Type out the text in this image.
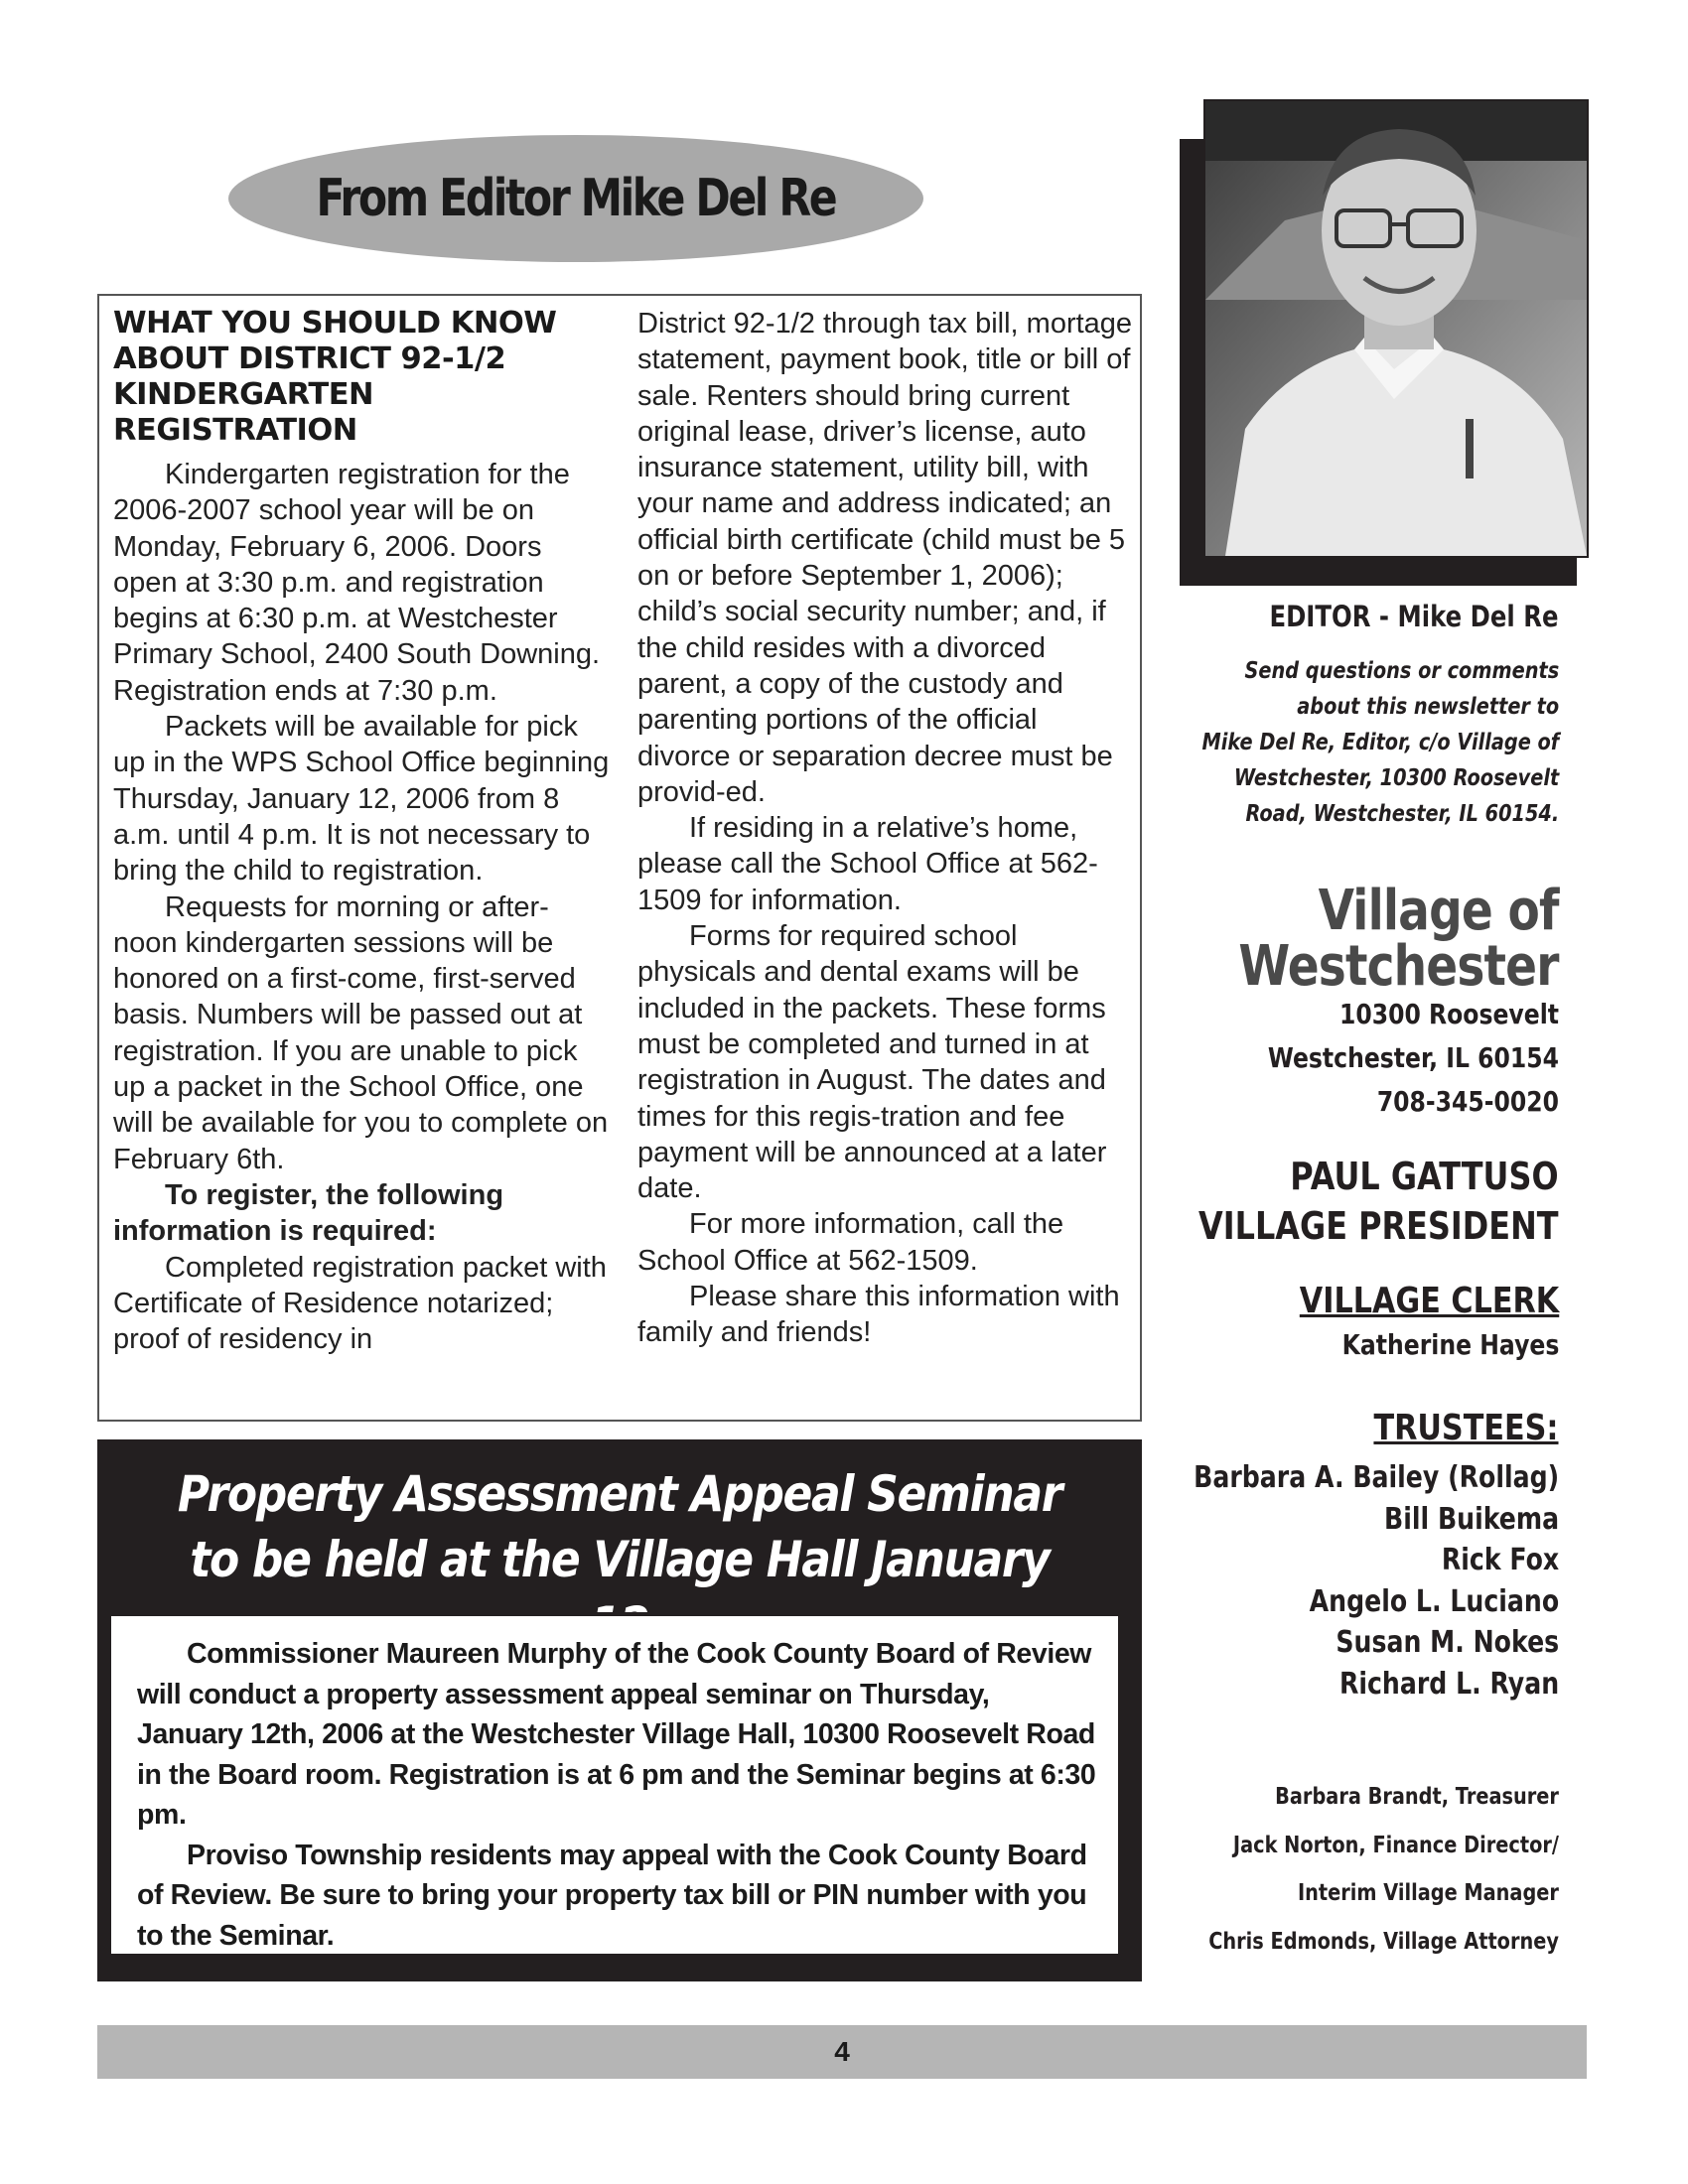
From Editor Mike Del Re
WHAT YOU SHOULD KNOW
ABOUT DISTRICT 92-1/2
KINDERGARTEN REGISTRATION

Kindergarten registration for the 2006-2007 school year will be on Monday, February 6, 2006. Doors open at 3:30 p.m. and registration begins at 6:30 p.m. at Westchester Primary School, 2400 South Downing. Registration ends at 7:30 p.m.

Packets will be available for pick up in the WPS School Office beginning Thursday, January 12, 2006 from 8 a.m. until 4 p.m. It is not necessary to bring the child to registration.

Requests for morning or after-noon kindergarten sessions will be honored on a first-come, first-served basis. Numbers will be passed out at registration. If you are unable to pick up a packet in the School Office, one will be available for you to complete on February 6th.

To register, the following information is required:

Completed registration packet with Certificate of Residence notarized; proof of residency in

District 92-1/2 through tax bill, mortage statement, payment book, title or bill of sale. Renters should bring current original lease, driver’s license, auto insurance statement, utility bill, with your name and address indicated; an official birth certificate (child must be 5 on or before September 1, 2006); child’s social security number; and, if the child resides with a divorced parent, a copy of the custody and parenting portions of the official divorce or separation decree must be provid-ed.

If residing in a relative’s home, please call the School Office at 562-1509 for information.

Forms for required school physicals and dental exams will be included in the packets. These forms must be completed and turned in at registration in August. The dates and times for this regis-tration and fee payment will be announced at a later date.

For more information, call the School Office at 562-1509.

Please share this information with family and friends!

Property Assessment Appeal Seminar
to be held at the Village Hall January

Commissioner Maureen Murphy of the Cook County Board of Review will conduct a property assessment appeal seminar on Thursday, January 12th, 2006 at the Westchester Village Hall, 10300 Roosevelt Road in the Board room. Registration is at 6 pm and the Seminar begins at 6:30 pm.

Proviso Township residents may appeal with the Cook County Board of Review. Be sure to bring your property tax bill or PIN number with you to the Seminar.

EDITOR - Mike Del Re
Send questions or comments
about this newsletter to
Mike Del Re, Editor, c/o Village of
Westchester, 10300 Roosevelt
Road, Westchester, IL 60154.
Village of
Westchester
10300 Roosevelt
Westchester, IL 60154
708-345-0020
PAUL GATTUSO
VILLAGE PRESIDENT
VILLAGE CLERK
Katherine Hayes
TRUSTEES:
Barbara A. Bailey (Rollag)
Bill Buikema
Rick Fox
Angelo L. Luciano
Susan M. Nokes
Richard L. Ryan
Barbara Brandt, Treasurer
Jack Norton, Finance Director/
Interim Village Manager
Chris Edmonds, Village Attorney
4
